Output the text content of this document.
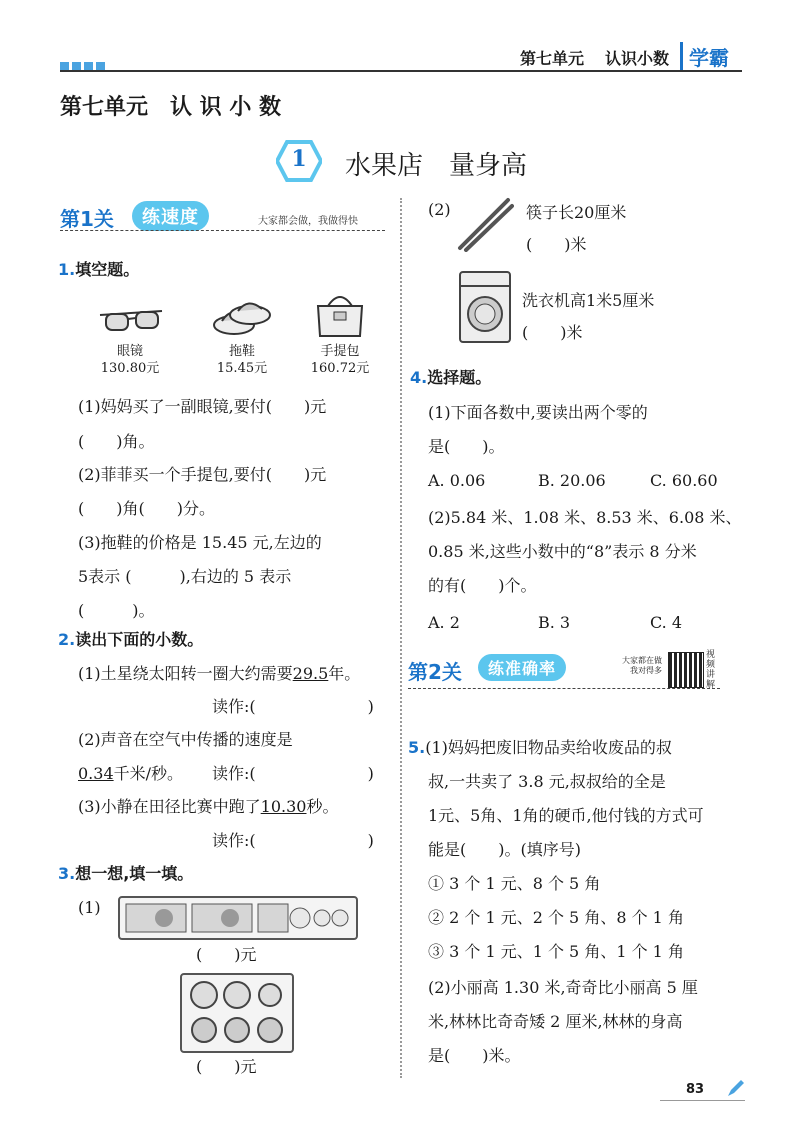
第七单元 认识小数 学霸
第七单元　认 识 小 数
1	水果店　量身高
第1关	练速度	大家都会做，我做得快
1.填空题。
眼镜
130.80元
拖鞋
15.45元
手提包
160.72元
(1)妈妈买了一副眼镜,要付(　　)元
(　　)角。
(2)菲菲买一个手提包,要付(　　)元
(　　)角(　　)分。
(3)拖鞋的价格是 15.45 元,左边的
5表示 (　　　),右边的 5 表示
(　　　)。
2.读出下面的小数。
(1)土星绕太阳转一圈大约需要29.5年。
读作:(　　　　　　　)
(2)声音在空气中传播的速度是
0.34千米/秒。 读作:(　　　　　　　)
(3)小静在田径比赛中跑了10.30秒。
读作:(　　　　　　　)
3.想一想,填一填。
(1)
(　　)元
(　　)元
(2)	筷子长20厘米
(　　)米
洗衣机高1米5厘米
(　　)米
4.选择题。
(1)下面各数中,要读出两个零的
是(　　)。
A. 0.06	B. 20.06	C. 60.60
(2)5.84 米、1.08 米、8.53 米、6.08 米、
0.85 米,这些小数中的“8”表示 8 分米
的有(　　)个。
A. 2	B. 3	C. 4
第2关	练准确率	大家都在做
我对得多
视频讲解
5.(1)妈妈把废旧物品卖给收废品的叔
叔,一共卖了 3.8 元,叔叔给的全是
1元、5角、1角的硬币,他付钱的方式可
能是(　　)。(填序号)
① 3 个 1 元、8 个 5 角
② 2 个 1 元、2 个 5 角、8 个 1 角
③ 3 个 1 元、1 个 5 角、1 个 1 角
(2)小丽高 1.30 米,奇奇比小丽高 5 厘
米,林林比奇奇矮 2 厘米,林林的身高
是(　　)米。
83
